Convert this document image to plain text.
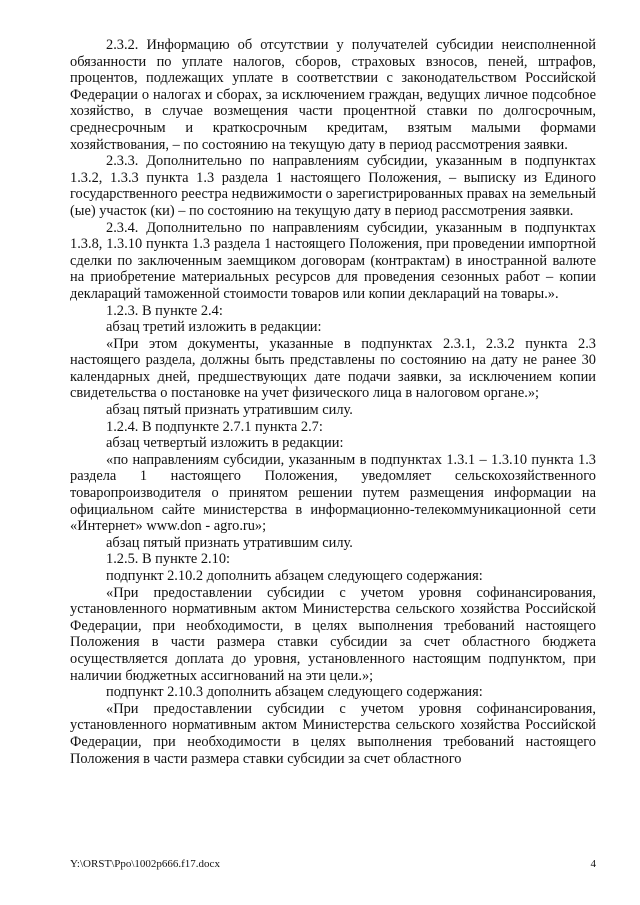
2.3.2. Информацию об отсутствии у получателей субсидии неисполненной обязанности по уплате налогов, сборов, страховых взносов, пеней, штрафов, процентов, подлежащих уплате в соответствии с законодательством Российской Федерации о налогах и сборах, за исключением граждан, ведущих личное подсобное хозяйство, в случае возмещения части процентной ставки по долгосрочным, среднесрочным и краткосрочным кредитам, взятым малыми формами хозяйствования, – по состоянию на текущую дату в период рассмотрения заявки.

2.3.3. Дополнительно по направлениям субсидии, указанным в подпунктах 1.3.2, 1.3.3 пункта 1.3 раздела 1 настоящего Положения, – выписку из Единого государственного реестра недвижимости о зарегистрированных правах на земельный (ые) участок (ки) – по состоянию на текущую дату в период рассмотрения заявки.

2.3.4. Дополнительно по направлениям субсидии, указанным в подпунктах 1.3.8, 1.3.10 пункта 1.3 раздела 1 настоящего Положения, при проведении импортной сделки по заключенным заемщиком договорам (контрактам) в иностранной валюте на приобретение материальных ресурсов для проведения сезонных работ – копии деклараций таможенной стоимости товаров или копии деклараций на товары.».

1.2.3. В пункте 2.4:

абзац третий изложить в редакции:

«При этом документы, указанные в подпунктах 2.3.1, 2.3.2 пункта 2.3 настоящего раздела, должны быть представлены по состоянию на дату не ранее 30 календарных дней, предшествующих дате подачи заявки, за исключением копии свидетельства о постановке на учет физического лица в налоговом органе.»;

абзац пятый признать утратившим силу.

1.2.4. В подпункте 2.7.1 пункта 2.7:

абзац четвертый изложить в редакции:

«по направлениям субсидии, указанным в подпунктах 1.3.1 – 1.3.10 пункта 1.3 раздела 1 настоящего Положения, уведомляет сельскохозяйственного товаропроизводителя о принятом решении путем размещения информации на официальном сайте министерства в информационно-телекоммуникационной сети «Интернет» www.don - agro.ru»;

абзац пятый признать утратившим силу.

1.2.5. В пункте 2.10:

подпункт 2.10.2 дополнить абзацем следующего содержания:

«При предоставлении субсидии с учетом уровня софинансирования, установленного нормативным актом Министерства сельского хозяйства Российской Федерации, при необходимости, в целях выполнения требований настоящего Положения в части размера ставки субсидии за счет областного бюджета осуществляется доплата до уровня, установленного настоящим подпунктом, при наличии бюджетных ассигнований на эти цели.»;

подпункт 2.10.3 дополнить абзацем следующего содержания:

«При предоставлении субсидии с учетом уровня софинансирования, установленного нормативным актом Министерства сельского хозяйства Российской Федерации, при необходимости в целях выполнения требований настоящего Положения в части размера ставки субсидии за счет областного

Y:\ORST\Ppo\1002p666.f17.docx	4
